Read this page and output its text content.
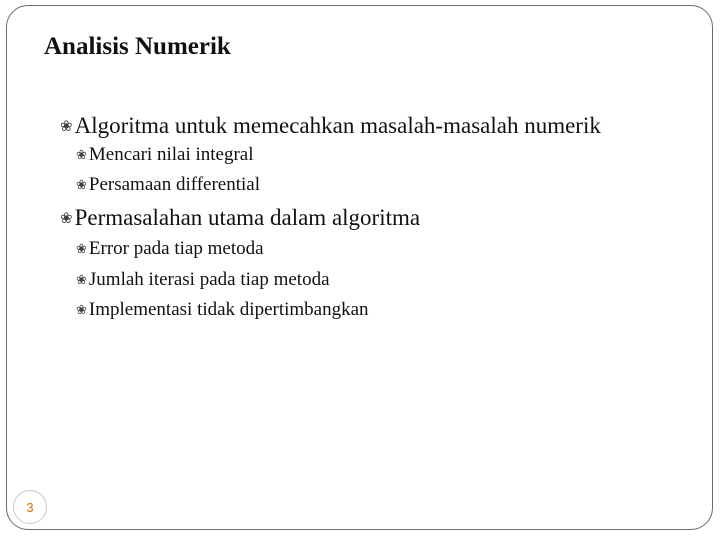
Analisis Numerik
❀ Algoritma untuk memecahkan masalah-masalah numerik
❀ Mencari nilai integral
❀ Persamaan differential
❀ Permasalahan utama dalam algoritma
❀ Error pada tiap metoda
❀ Jumlah iterasi pada tiap metoda
❀ Implementasi tidak dipertimbangkan
3
